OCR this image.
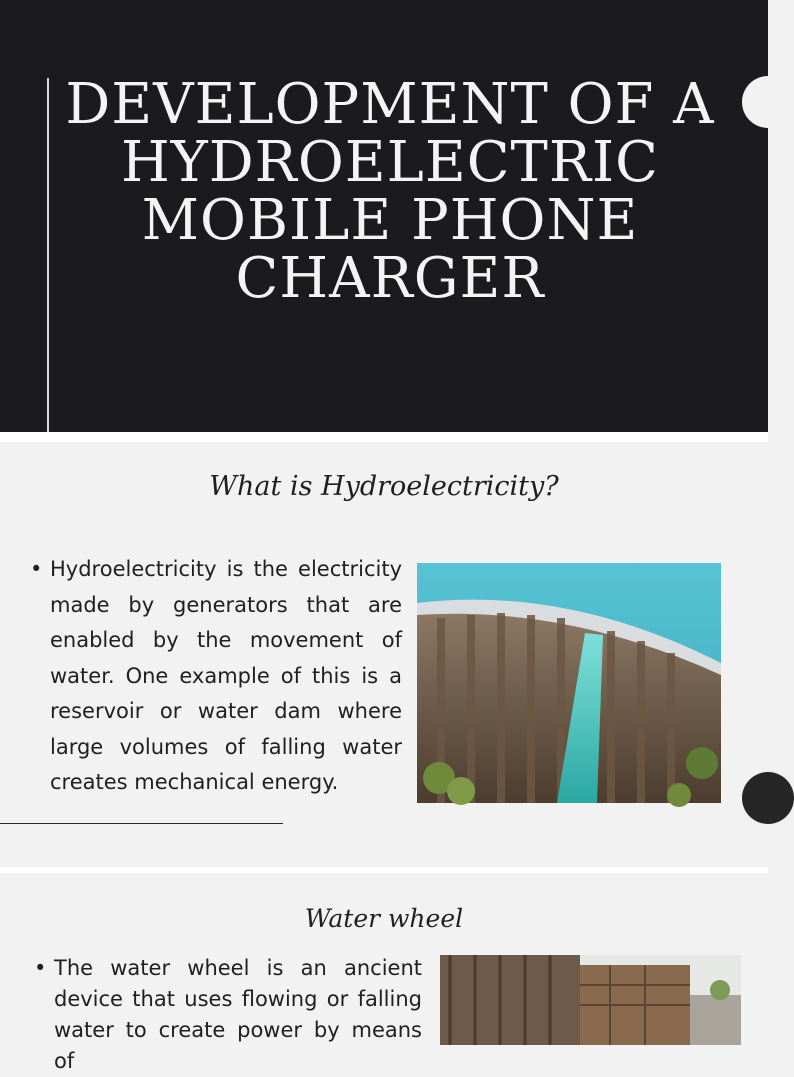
DEVELOPMENT OF A HYDROELECTRIC MOBILE PHONE CHARGER
What is Hydroelectricity?
• Hydroelectricity is the electricity made by generators that are enabled by the movement of water. One example of this is a reservoir or water dam where large volumes of falling water creates mechanical energy.
Water wheel
• The water wheel is an ancient device that uses flowing or falling water to create power by means of
